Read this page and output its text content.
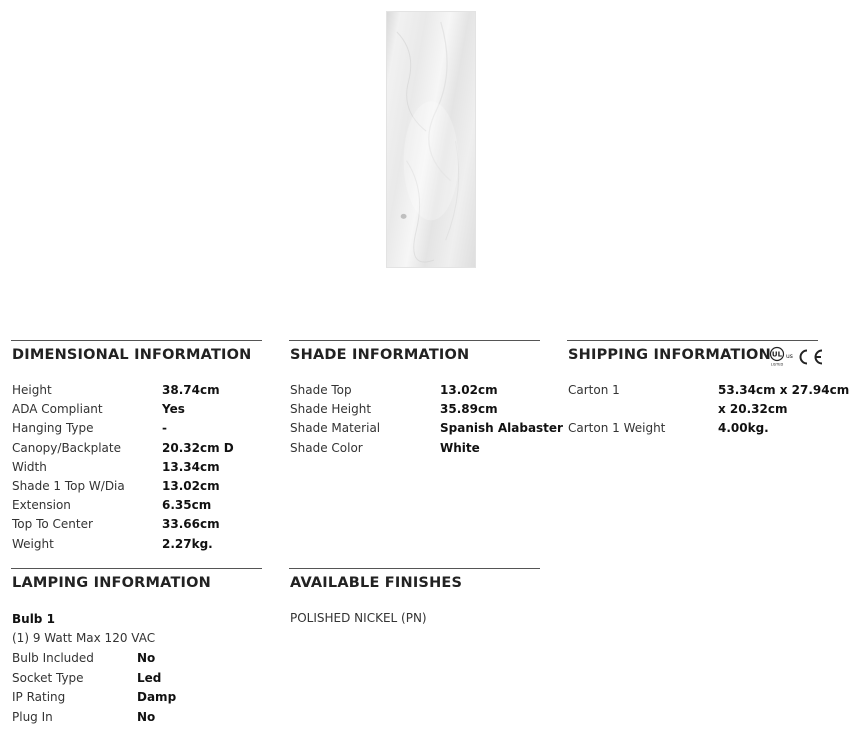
DIMENSIONAL INFORMATION
Height	38.74cm
ADA Compliant	Yes
Hanging Type	-
Canopy/Backplate	20.32cm D
Width	13.34cm
Shade 1 Top W/Dia	13.02cm
Extension	6.35cm
Top To Center	33.66cm
Weight	2.27kg.
SHADE INFORMATION
Shade Top	13.02cm
Shade Height	35.89cm
Shade Material	Spanish Alabaster
Shade Color	White
SHIPPING INFORMATION UL
LISTED
us
Carton 1	53.34cm x 27.94cm
x 20.32cm
Carton 1 Weight	4.00kg.
LAMPING INFORMATION
Bulb 1
(1) 9 Watt Max 120 VAC
Bulb Included	No
Socket Type	Led
IP Rating	Damp
Plug In	No
AVAILABLE FINISHES
POLISHED NICKEL (PN)
